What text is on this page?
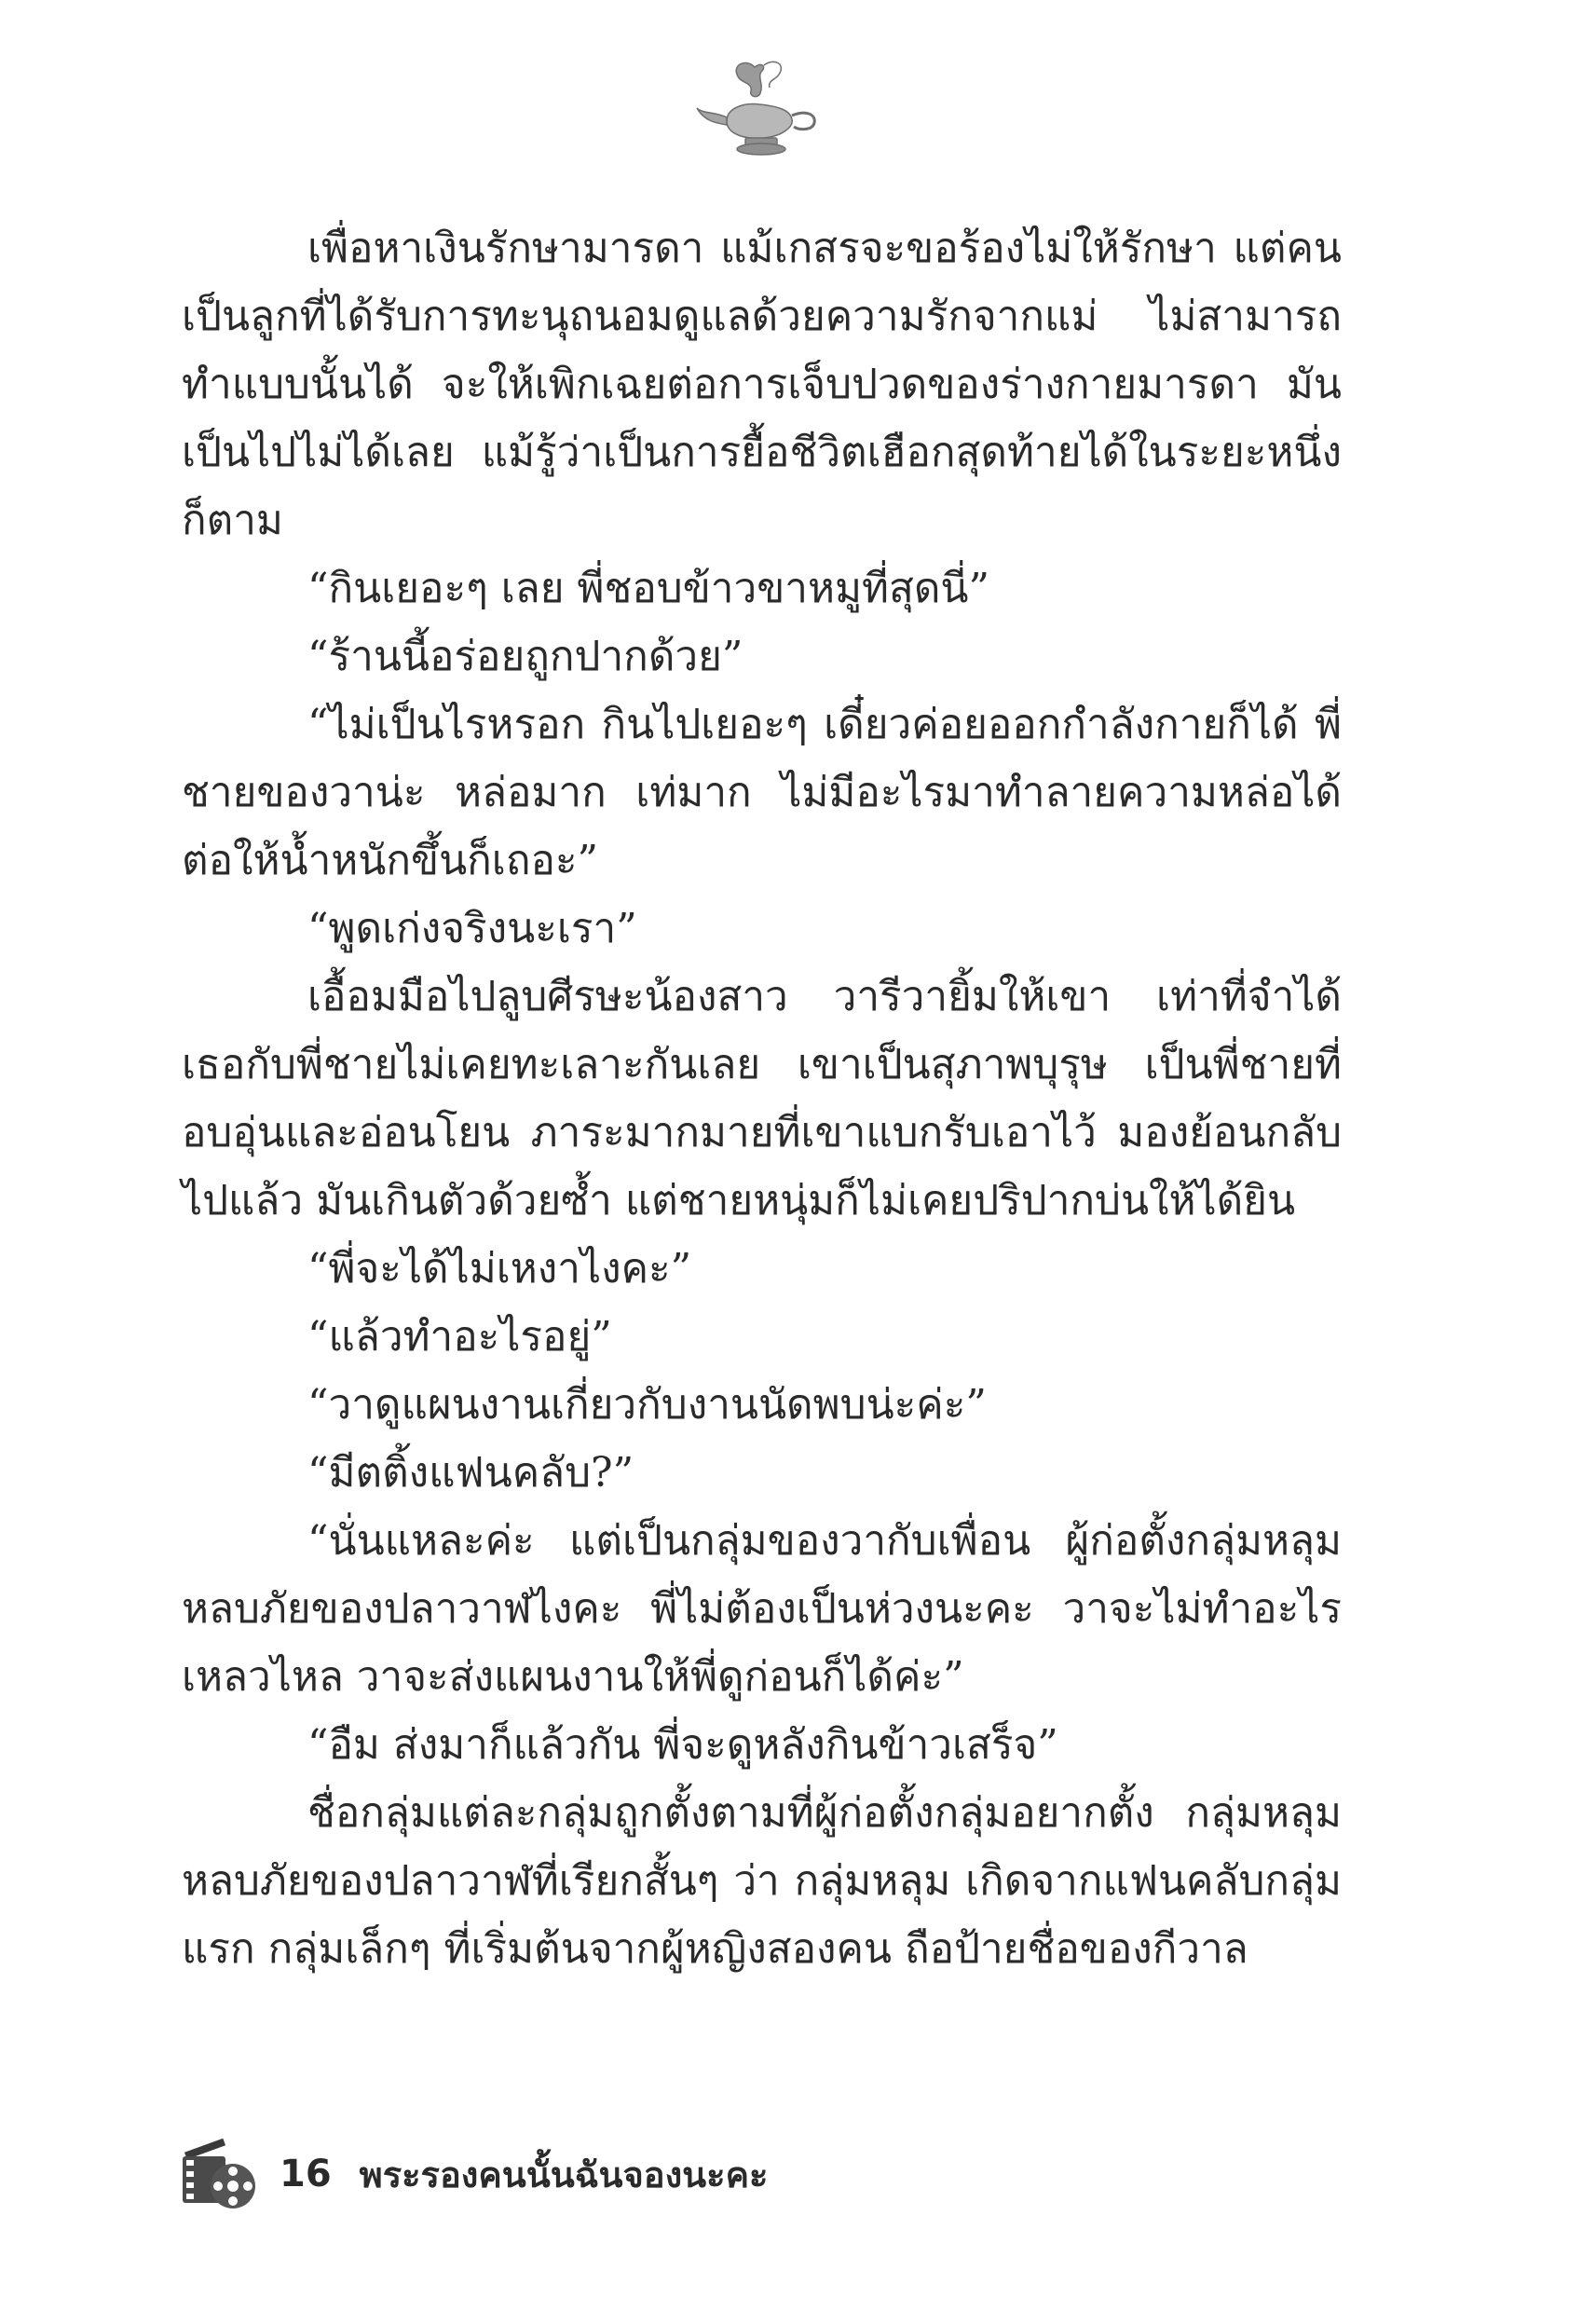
เพื่อหาเงินรักษามารดา แม้เกสรจะขอร้องไม่ให้รักษา แต่คนเป็นลูกที่ได้รับการทะนุถนอมดูแลด้วยความรักจากแม่ ไม่สามารถทำแบบนั้นได้ จะให้เพิกเฉยต่อการเจ็บปวดของร่างกายมารดา มันเป็นไปไม่ได้เลย แม้รู้ว่าเป็นการยื้อชีวิตเฮือกสุดท้ายได้ในระยะหนึ่งก็ตาม

“กินเยอะๆ เลย พี่ชอบข้าวขาหมูที่สุดนี่”

“ร้านนี้อร่อยถูกปากด้วย”

“ไม่เป็นไรหรอก กินไปเยอะๆ เดี๋ยวค่อยออกกำลังกายก็ได้ พี่ชายของวาน่ะ หล่อมาก เท่มาก ไม่มีอะไรมาทำลายความหล่อได้ ต่อให้น้ำหนักขึ้นก็เถอะ”

“พูดเก่งจริงนะเรา”

เอื้อมมือไปลูบศีรษะน้องสาว วารีวายิ้มให้เขา เท่าที่จำได้ เธอกับพี่ชายไม่เคยทะเลาะกันเลย เขาเป็นสุภาพบุรุษ เป็นพี่ชายที่อบอุ่นและอ่อนโยน ภาระมากมายที่เขาแบกรับเอาไว้ มองย้อนกลับไปแล้ว มันเกินตัวด้วยซ้ำ แต่ชายหนุ่มก็ไม่เคยปริปากบ่นให้ได้ยิน

“พี่จะได้ไม่เหงาไงคะ”

“แล้วทำอะไรอยู่”

“วาดูแผนงานเกี่ยวกับงานนัดพบน่ะค่ะ”

“มีตติ้งแฟนคลับ?”

“นั่นแหละค่ะ แต่เป็นกลุ่มของวากับเพื่อน ผู้ก่อตั้งกลุ่มหลุมหลบภัยของปลาวาฬไงคะ พี่ไม่ต้องเป็นห่วงนะคะ วาจะไม่ทำอะไรเหลวไหล วาจะส่งแผนงานให้พี่ดูก่อนก็ได้ค่ะ”

“อืม ส่งมาก็แล้วกัน พี่จะดูหลังกินข้าวเสร็จ”

ชื่อกลุ่มแต่ละกลุ่มถูกตั้งตามที่ผู้ก่อตั้งกลุ่มอยากตั้ง กลุ่มหลุมหลบภัยของปลาวาฬที่เรียกสั้นๆ ว่า กลุ่มหลุม เกิดจากแฟนคลับกลุ่มแรก กลุ่มเล็กๆ ที่เริ่มต้นจากผู้หญิงสองคน ถือป้ายชื่อของกีวาล

16 พระรองคนนั้นฉันจองนะคะ
